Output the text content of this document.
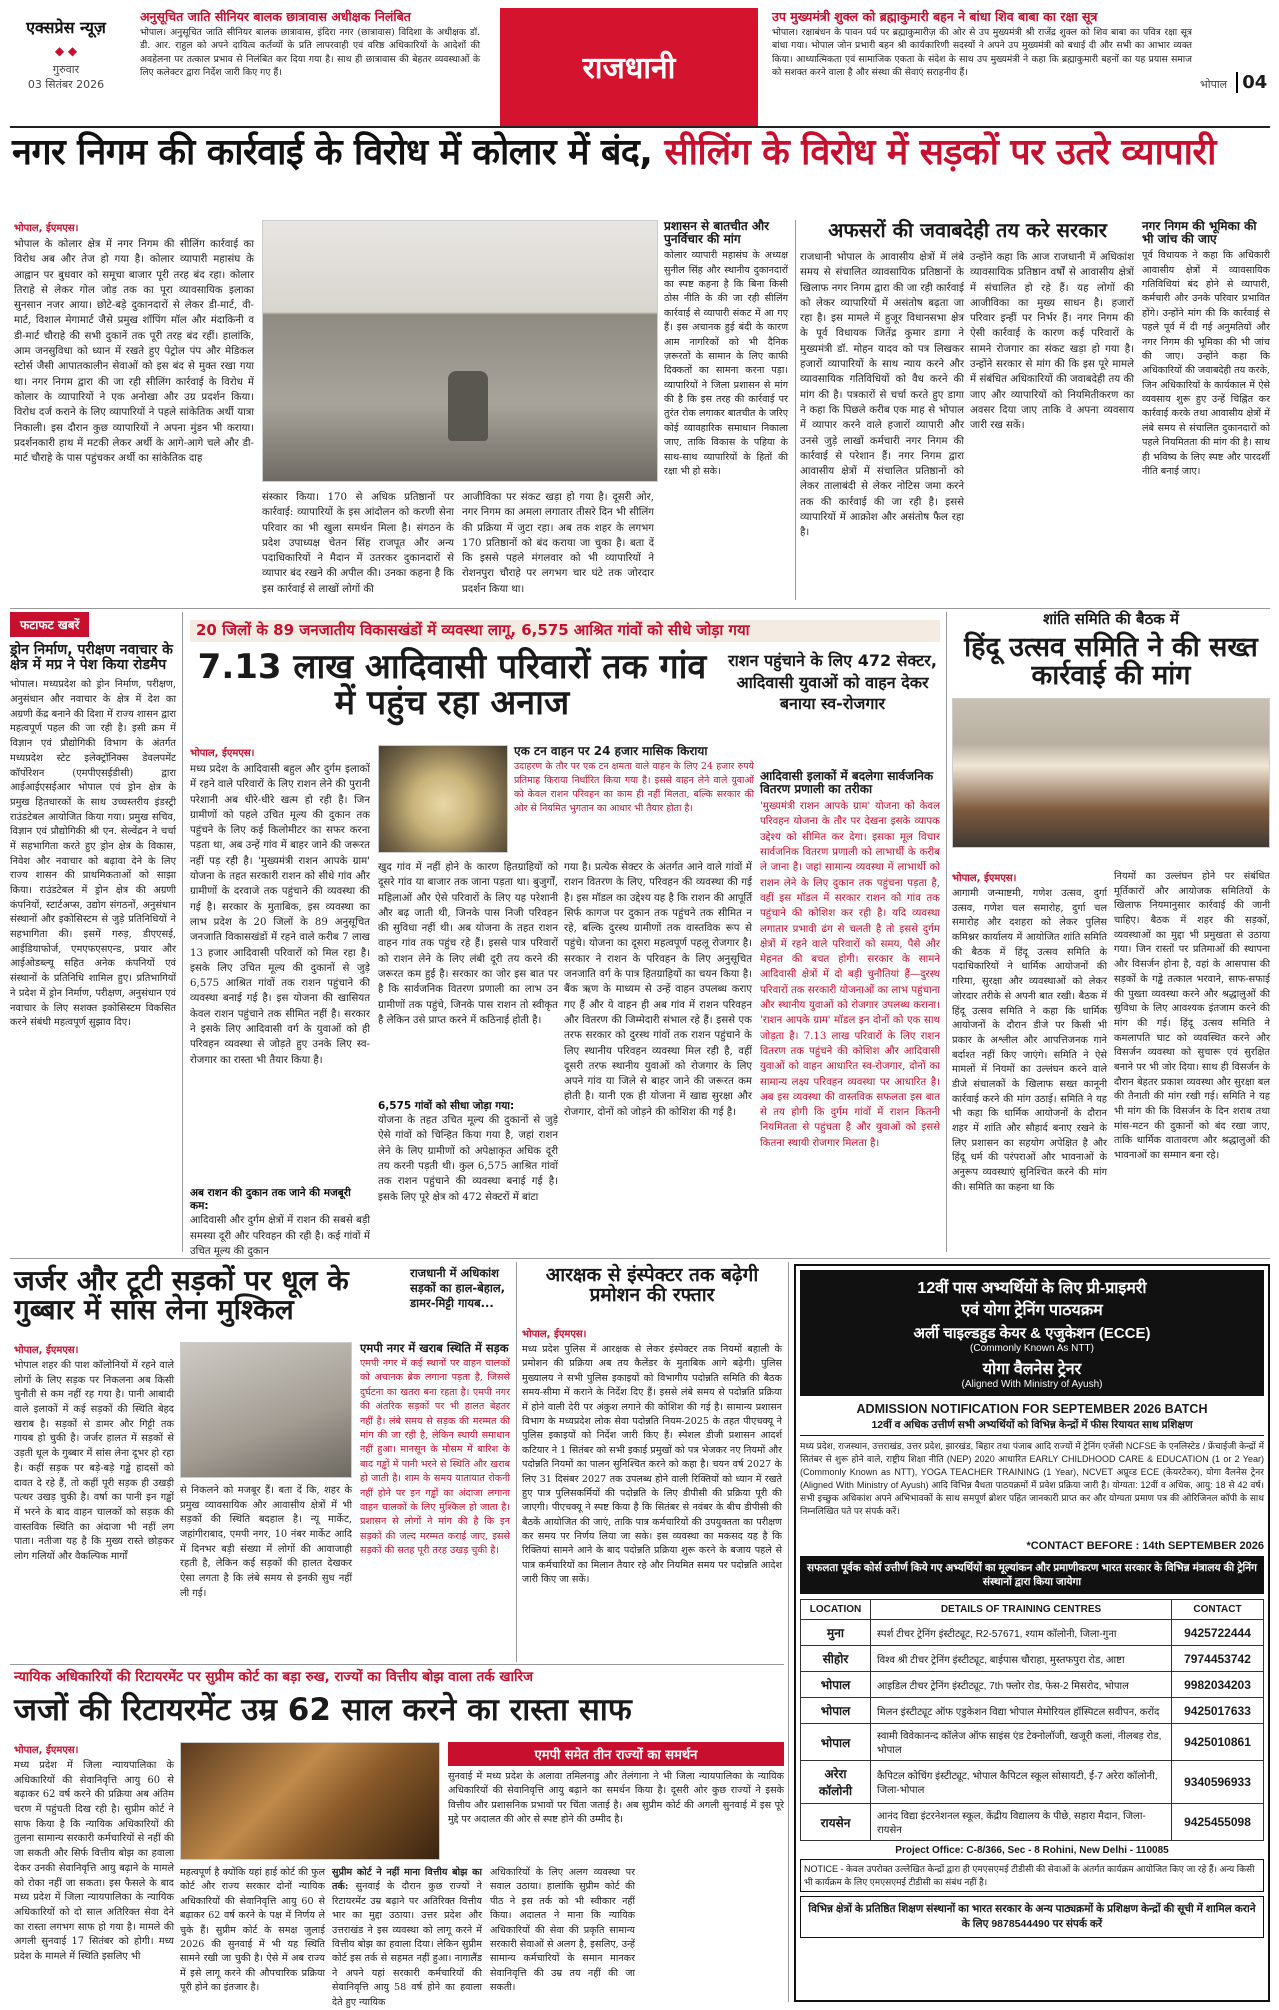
एक्सप्रेस न्यूज़
◆ ◆
गुरुवार
03 सितंबर 2026
अनुसूचित जाति सीनियर बालक छात्रावास अधीक्षक निलंबित
भोपाल। अनुसूचित जाति सीनियर बालक छात्रावास, इंदिरा नगर (छात्रावास) विदिशा के अधीक्षक डॉ. डी. आर. राहुल को अपने दायित्व कर्तव्यों के प्रति लापरवाही एवं वरिष्ठ अधिकारियों के आदेशों की अवहेलना पर तत्काल प्रभाव से निलंबित कर दिया गया है। साथ ही छात्रावास की बेहतर व्यवस्थाओं के लिए कलेक्टर द्वारा निर्देश जारी किए गए हैं।	राजधानी
उप मुख्यमंत्री शुक्ल को ब्रह्माकुमारी बहन ने बांधा शिव बाबा का रक्षा सूत्र
भोपाल। रक्षाबंधन के पावन पर्व पर ब्रह्माकुमारीज़ की ओर से उप मुख्यमंत्री श्री राजेंद्र शुक्ल को शिव बाबा का पवित्र रक्षा सूत्र बांधा गया। भोपाल जोन प्रभारी बहन श्री कार्यकारिणी सदस्यों ने अपने उप मुख्यमंत्री को बधाई दी और सभी का आभार व्यक्त किया। आध्यात्मिकता एवं सामाजिक एकता के संदेश के साथ उप मुख्यमंत्री ने कहा कि ब्रह्माकुमारी बहनों का यह प्रयास समाज को सशक्त करने वाला है और संस्था की सेवाएं सराहनीय हैं।
भोपाल 04
नगर निगम की कार्रवाई के विरोध में कोलार में बंद, सीलिंग के विरोध में सड़कों पर उतरे व्यापारी
भोपाल, ईएमएस।
भोपाल के कोलार क्षेत्र में नगर निगम की सीलिंग कार्रवाई का विरोध अब और तेज हो गया है। कोलार व्यापारी महासंघ के आह्वान पर बुधवार को समूचा बाजार पूरी तरह बंद रहा। कोलार तिराहे से लेकर गोल जोड़ तक का पूरा व्यावसायिक इलाका सुनसान नजर आया। छोटे-बड़े दुकानदारों से लेकर डी-मार्ट, वी-मार्ट, विशाल मेगामार्ट जैसे प्रमुख शॉपिंग मॉल और मंदाकिनी व डी-मार्ट चौराहे की सभी दुकानें तक पूरी तरह बंद रहीं। हालांकि, आम जनसुविधा को ध्यान में रखते हुए पेट्रोल पंप और मेडिकल स्टोर्स जैसी आपातकालीन सेवाओं को इस बंद से मुक्त रखा गया था। नगर निगम द्वारा की जा रही सीलिंग कार्रवाई के विरोध में कोलार के व्यापारियों ने एक अनोखा और उग्र प्रदर्शन किया। विरोध दर्ज कराने के लिए व्यापारियों ने पहले सांकेतिक अर्थी यात्रा निकाली। इस दौरान कुछ व्यापारियों ने अपना मुंडन भी कराया। प्रदर्शनकारी हाथ में मटकी लेकर अर्थी के आगे-आगे चले और डी-मार्ट चौराहे के पास पहुंचकर अर्थी का सांकेतिक दाह
संस्कार किया। 170 से अधिक प्रतिष्ठानों पर कार्रवाई: व्यापारियों के इस आंदोलन को करणी सेना परिवार का भी खुला समर्थन मिला है। संगठन के प्रदेश उपाध्यक्ष चेतन सिंह राजपूत और अन्य पदाधिकारियों ने मैदान में उतरकर दुकानदारों से व्यापार बंद रखने की अपील की। उनका कहना है कि इस कार्रवाई से लाखों लोगों की
आजीविका पर संकट खड़ा हो गया है। दूसरी ओर, नगर निगम का अमला लगातार तीसरे दिन भी सीलिंग की प्रक्रिया में जुटा रहा। अब तक शहर के लगभग 170 प्रतिष्ठानों को बंद कराया जा चुका है। बता दें कि इससे पहले मंगलवार को भी व्यापारियों ने रोशनपुरा चौराहे पर लगभग चार घंटे तक जोरदार प्रदर्शन किया था।
प्रशासन से बातचीत और पुनर्विचार की मांग
कोलार व्यापारी महासंघ के अध्यक्ष सुनील सिंह और स्थानीय दुकानदारों का स्पष्ट कहना है कि बिना किसी ठोस नीति के की जा रही सीलिंग कार्रवाई से व्यापारी संकट में आ गए हैं। इस अचानक हुई बंदी के कारण आम नागरिकों को भी दैनिक ज़रूरतों के सामान के लिए काफी दिक्कतों का सामना करना पड़ा। व्यापारियों ने जिला प्रशासन से मांग की है कि इस तरह की कार्रवाई पर तुरंत रोक लगाकर बातचीत के जरिए कोई व्यावहारिक समाधान निकाला जाए, ताकि विकास के पहिया के साथ-साथ व्यापारियों के हितों की रक्षा भी हो सके।
अफसरों की जवाबदेही तय करे सरकार
राजधानी भोपाल के आवासीय क्षेत्रों में लंबे समय से संचालित व्यावसायिक प्रतिष्ठानों के खिलाफ नगर निगम द्वारा की जा रही कार्रवाई को लेकर व्यापारियों में असंतोष बढ़ता जा रहा है। इस मामले में हुजूर विधानसभा क्षेत्र के पूर्व विधायक जितेंद्र कुमार डागा ने मुख्यमंत्री डॉ. मोहन यादव को पत्र लिखकर हजारों व्यापारियों के साथ न्याय करने और व्यावसायिक गतिविधियों को वैध करने की मांग की है। पत्रकारों से चर्चा करते हुए डागा ने कहा कि पिछले करीब एक माह से भोपाल में व्यापार करने वाले हजारों व्यापारी और उनसे जुड़े लाखों कर्मचारी नगर निगम की कार्रवाई से परेशान हैं। नगर निगम द्वारा आवासीय क्षेत्रों में संचालित प्रतिष्ठानों को लेकर तालाबंदी से लेकर नोटिस जमा करने तक की कार्रवाई की जा रही है। इससे व्यापारियों में आक्रोश और असंतोष फैल रहा है।
उन्होंने कहा कि आज राजधानी में अधिकांश व्यावसायिक प्रतिष्ठान वर्षों से आवासीय क्षेत्रों में संचालित हो रहे हैं। यह लोगों की आजीविका का मुख्य साधन है। हजारों परिवार इन्हीं पर निर्भर हैं। नगर निगम की ऐसी कार्रवाई के कारण कई परिवारों के सामने रोजगार का संकट खड़ा हो गया है। उन्होंने सरकार से मांग की कि इस पूरे मामले में संबंधित अधिकारियों की जवाबदेही तय की जाए और व्यापारियों को नियमितीकरण का अवसर दिया जाए ताकि वे अपना व्यवसाय जारी रख सकें।
नगर निगम की भूमिका की भी जांच की जाए
पूर्व विधायक ने कहा कि अधिकारी आवासीय क्षेत्रों में व्यावसायिक गतिविधियां बंद होने से व्यापारी, कर्मचारी और उनके परिवार प्रभावित होंगे। उन्होंने मांग की कि कार्रवाई से पहले पूर्व में दी गई अनुमतियों और नगर निगम की भूमिका की भी जांच की जाए। उन्होंने कहा कि अधिकारियों की जवाबदेही तय करके, जिन अधिकारियों के कार्यकाल में ऐसे व्यवसाय शुरू हुए उन्हें चिह्नित कर कार्रवाई करके तथा आवासीय क्षेत्रों में लंबे समय से संचालित दुकानदारों को पहले नियमितता की मांग की है। साथ ही भविष्य के लिए स्पष्ट और पारदर्शी नीति बनाई जाए।
फटाफट खबरें
ड्रोन निर्माण, परीक्षण नवाचार के क्षेत्र में मप्र ने पेश किया रोडमैप
भोपाल। मध्यप्रदेश को ड्रोन निर्माण, परीक्षण, अनुसंधान और नवाचार के क्षेत्र में देश का अग्रणी केंद्र बनाने की दिशा में राज्य शासन द्वारा महत्वपूर्ण पहल की जा रही है। इसी क्रम में विज्ञान एवं प्रौद्योगिकी विभाग के अंतर्गत मध्यप्रदेश स्टेट इलेक्ट्रॉनिक्स डेवलपमेंट कॉर्पोरेशन (एमपीएसईडीसी) द्वारा आईआईएसईआर भोपाल एवं ड्रोन क्षेत्र के प्रमुख हितधारकों के साथ उच्चस्तरीय इंडस्ट्री राउंडटेबल आयोजित किया गया। प्रमुख सचिव, विज्ञान एवं प्रौद्योगिकी श्री एन. सेल्वेंद्रन ने चर्चा में सहभागिता करते हुए ड्रोन क्षेत्र के विकास, निवेश और नवाचार को बढ़ावा देने के लिए राज्य शासन की प्राथमिकताओं को साझा किया। राउंडटेबल में ड्रोन क्षेत्र की अग्रणी कंपनियों, स्टार्टअप्स, उद्योग संगठनों, अनुसंधान संस्थानों और इकोसिस्टम से जुड़े प्रतिनिधियों ने सहभागिता की। इसमें गरुड़, डीएएसई, आईडियाफोर्ज, एमएफएसएन्ड, प्रयार और आईओडब्ल्यू सहित अनेक कंपनियों एवं संस्थानों के प्रतिनिधि शामिल हुए। प्रतिभागियों ने प्रदेश में ड्रोन निर्माण, परीक्षण, अनुसंधान एवं नवाचार के लिए सशक्त इकोसिस्टम विकसित करने संबंधी महत्वपूर्ण सुझाव दिए।
20 जिलों के 89 जनजातीय विकासखंडों में व्यवस्था लागू, 6,575 आश्रित गांवों को सीधे जोड़ा गया
7.13 लाख आदिवासी परिवारों तक गांव में पहुंच रहा अनाज
राशन पहुंचाने के लिए 472 सेक्टर, आदिवासी युवाओं को वाहन देकर बनाया स्व-रोजगार
भोपाल, ईएमएस।
मध्य प्रदेश के आदिवासी बहुल और दुर्गम इलाकों में रहने वाले परिवारों के लिए राशन लेने की पुरानी परेशानी अब धीरे-धीरे खत्म हो रही है। जिन ग्रामीणों को पहले उचित मूल्य की दुकान तक पहुंचने के लिए कई किलोमीटर का सफर करना पड़ता था, अब उन्हें गांव में बाहर जाने की जरूरत नहीं पड़ रही है। 'मुख्यमंत्री राशन आपके ग्राम' योजना के तहत सरकारी राशन को सीधे गांव और ग्रामीणों के दरवाजे तक पहुंचाने की व्यवस्था की गई है। सरकार के मुताबिक, इस व्यवस्था का लाभ प्रदेश के 20 जिलों के 89 अनुसूचित जनजाति विकासखंडों में रहने वाले करीब 7 लाख 13 हजार आदिवासी परिवारों को मिल रहा है। इसके लिए उचित मूल्य की दुकानों से जुड़े 6,575 आश्रित गांवों तक राशन पहुंचाने की व्यवस्था बनाई गई है। इस योजना की खासियत केवल राशन पहुंचाने तक सीमित नहीं है। सरकार ने इसके लिए आदिवासी वर्ग के युवाओं को ही परिवहन व्यवस्था से जोड़ते हुए उनके लिए स्व-रोजगार का रास्ता भी तैयार किया है।
अब राशन की दुकान तक जाने की मजबूरी कम:
आदिवासी और दुर्गम क्षेत्रों में राशन की सबसे बड़ी समस्या दूरी और परिवहन की रही है। कई गांवों में उचित मूल्य की दुकान
एक टन वाहन पर 24 हजार मासिक किराया
उदाहरण के तौर पर एक टन क्षमता वाले वाहन के लिए 24 हजार रुपये प्रतिमाह किराया निर्धारित किया गया है। इससे वाहन लेने वाले युवाओं को केवल राशन परिवहन का काम ही नहीं मिलता, बल्कि सरकार की ओर से नियमित भुगतान का आधार भी तैयार होता है।
खुद गांव में नहीं होने के कारण हितग्राहियों को दूसरे गांव या बाजार तक जाना पड़ता था। बुजुर्गों, महिलाओं और ऐसे परिवारों के लिए यह परेशानी और बढ़ जाती थी, जिनके पास निजी परिवहन की सुविधा नहीं थी। अब योजना के तहत राशन वाहन गांव तक पहुंच रहे हैं। इससे पात्र परिवारों को राशन लेने के लिए लंबी दूरी तय करने की जरूरत कम हुई है। सरकार का जोर इस बात पर है कि सार्वजनिक वितरण प्रणाली का लाभ उन ग्रामीणों तक पहुंचे, जिनके पास राशन तो स्वीकृत है लेकिन उसे प्राप्त करने में कठिनाई होती है।
6,575 गांवों को सीधा जोड़ा गया:
योजना के तहत उचित मूल्य की दुकानों से जुड़े ऐसे गांवों को चिन्हित किया गया है, जहां राशन लेने के लिए ग्रामीणों को अपेक्षाकृत अधिक दूरी तय करनी पड़ती थी। कुल 6,575 आश्रित गांवों तक राशन पहुंचाने की व्यवस्था बनाई गई है। इसके लिए पूरे क्षेत्र को 472 सेक्टरों में बांटा
गया है। प्रत्येक सेक्टर के अंतर्गत आने वाले गांवों में राशन वितरण के लिए, परिवहन की व्यवस्था की गई है। इस मॉडल का उद्देश्य यह है कि राशन की आपूर्ति सिर्फ कागज पर दुकान तक पहुंचने तक सीमित न रहे, बल्कि दुरस्थ ग्रामीणों तक वास्तविक रूप से पहुंचे। योजना का दूसरा महत्वपूर्ण पहलू रोजगार है। सरकार ने राशन के परिवहन के लिए अनुसूचित जनजाति वर्ग के पात्र हितग्राहियों का चयन किया है। बैंक ऋण के माध्यम से उन्हें वाहन उपलब्ध कराए गए हैं और ये वाहन ही अब गांव में राशन परिवहन और वितरण की जिम्मेदारी संभाल रहे हैं। इससे एक तरफ सरकार को दुरस्थ गांवों तक राशन पहुंचाने के लिए स्थानीय परिवहन व्यवस्था मिल रही है, वहीं दूसरी तरफ स्थानीय युवाओं को रोजगार के लिए अपने गांव या जिले से बाहर जाने की जरूरत कम होती है। यानी एक ही योजना में खाद्य सुरक्षा और रोजगार, दोनों को जोड़ने की कोशिश की गई है।
आदिवासी इलाकों में बदलेगा सार्वजनिक वितरण प्रणाली का तरीका
'मुख्यमंत्री राशन आपके ग्राम' योजना को केवल परिवहन योजना के तौर पर देखना इसके व्यापक उद्देश्य को सीमित कर देगा। इसका मूल विचार सार्वजनिक वितरण प्रणाली को लाभार्थी के करीब ले जाना है। जहां सामान्य व्यवस्था में लाभार्थी को राशन लेने के लिए दुकान तक पहुंचना पड़ता है, वहीं इस मॉडल में सरकार राशन को गांव तक पहुंचाने की कोशिश कर रही है। यदि व्यवस्था लगातार प्रभावी ढंग से चलती है तो इससे दुर्गम क्षेत्रों में रहने वाले परिवारों को समय, पैसे और मेहनत की बचत होगी। सरकार के सामने आदिवासी क्षेत्रों में दो बड़ी चुनौतियां हैं—दुरस्थ परिवारों तक सरकारी योजनाओं का लाभ पहुंचाना और स्थानीय युवाओं को रोजगार उपलब्ध कराना। 'राशन आपके ग्राम' मॉडल इन दोनों को एक साथ जोड़ता है। 7.13 लाख परिवारों के लिए राशन वितरण तक पहुंचने की कोशिश और आदिवासी युवाओं को वाहन आधारित स्व-रोजगार, दोनों का सामान्य लक्ष्य परिवहन व्यवस्था पर आधारित है। अब इस व्यवस्था की वास्तविक सफलता इस बात से तय होगी कि दुर्गम गांवों में राशन कितनी नियमितता से पहुंचता है और युवाओं को इससे कितना स्थायी रोजगार मिलता है।
शांति समिति की बैठक में
हिंदू उत्सव समिति ने की सख्त कार्रवाई की मांग
भोपाल, ईएमएस।
आगामी जन्माष्टमी, गणेश उत्सव, दुर्गा उत्सव, गणेश चल समारोह, दुर्गा चल समारोह और दशहरा को लेकर पुलिस कमिश्नर कार्यालय में आयोजित शांति समिति की बैठक में हिंदू उत्सव समिति के पदाधिकारियों ने धार्मिक आयोजनों की गरिमा, सुरक्षा और व्यवस्थाओं को लेकर जोरदार तरीके से अपनी बात रखी। बैठक में हिंदू उत्सव समिति ने कहा कि धार्मिक आयोजनों के दौरान डीजे पर किसी भी प्रकार के अश्लील और आपत्तिजनक गाने बर्दाश्त नहीं किए जाएंगे। समिति ने ऐसे मामलों में नियमों का उल्लंघन करने वाले डीजे संचालकों के खिलाफ सख्त कानूनी कार्रवाई करने की मांग उठाई। समिति ने यह भी कहा कि धार्मिक आयोजनों के दौरान शहर में शांति और सौहार्द बनाए रखने के लिए प्रशासन का सहयोग अपेक्षित है और हिंदू धर्म की परंपराओं और भावनाओं के अनुरूप व्यवस्थाएं सुनिश्चित करने की मांग की। समिति का कहना था कि
नियमों का उल्लंघन होने पर संबंधित मूर्तिकारों और आयोजक समितियों के खिलाफ नियमानुसार कार्रवाई की जानी चाहिए। बैठक में शहर की सड़कों, व्यवस्थाओं का मुद्दा भी प्रमुखता से उठाया गया। जिन रास्तों पर प्रतिमाओं की स्थापना और विसर्जन होना है, वहां के आसपास की सड़कों के गड्ढे तत्काल भरवाने, साफ-सफाई की पुख्ता व्यवस्था करने और श्रद्धालुओं की सुविधा के लिए आवश्यक इंतजाम करने की मांग की गई। हिंदू उत्सव समिति ने कमलापति घाट को व्यवस्थित करने और विसर्जन व्यवस्था को सुचारू एवं सुरक्षित बनाने पर भी जोर दिया। साथ ही विसर्जन के दौरान बेहतर प्रकाश व्यवस्था और सुरक्षा बल की तैनाती की मांग रखी गई। समिति ने यह भी मांग की कि विसर्जन के दिन शराब तथा मांस-मटन की दुकानों को बंद रखा जाए, ताकि धार्मिक वातावरण और श्रद्धालुओं की भावनाओं का सम्मान बना रहे।
जर्जर और टूटी सड़कों पर धूल के गुब्बार में सांस लेना मुश्किल
राजधानी में अधिकांश सड़कों का हाल-बेहाल, डामर-मिट्टी गायब...
भोपाल, ईएमएस।
भोपाल शहर की पाश कॉलोनियों में रहने वाले लोगों के लिए सड़क पर निकलना अब किसी चुनौती से कम नहीं रह गया है। पानी आबादी वाले इलाकों में कई सड़कों की स्थिति बेहद खराब है। सड़कों से डामर और गिट्टी तक गायब हो चुकी है। जर्जर हालत में सड़कों से उड़ती धूल के गुब्बार में सांस लेना दूभर हो रहा है। कहीं सड़क पर बड़े-बड़े गड्ढे हादसों को दावत दे रहे हैं, तो कहीं पूरी सड़क ही उखड़ी पत्थर उखड़ चुकी है। वर्षा का पानी इन गड्ढों में भरने के बाद वाहन चालकों को सड़क की वास्तविक स्थिति का अंदाजा भी नहीं लग पाता। नतीजा यह है कि मुख्य रास्ते छोड़कर लोग गलियों और वैकल्पिक मार्गों
से निकलने को मजबूर हैं। बता दें कि, शहर के प्रमुख व्यावसायिक और आवासीय क्षेत्रों में भी सड़कों की स्थिति बदहाल है। न्यू मार्केट, जहांगीराबाद, एमपी नगर, 10 नंबर मार्केट आदि में दिनभर बड़ी संख्या में लोगों की आवाजाही रहती है, लेकिन कई सड़कों की हालत देखकर ऐसा लगता है कि लंबे समय से इनकी सुध नहीं ली गई।
एमपी नगर में खराब स्थिति में सड़क
एमपी नगर में कई स्थानों पर वाहन चालकों को अचानक ब्रेक लगाना पड़ता है, जिससे दुर्घटना का खतरा बना रहता है। एमपी नगर की अंतरिक सड़कों पर भी हालत बेहतर नहीं है। लंबे समय से सड़क की मरम्मत की मांग की जा रही है, लेकिन स्थायी समाधान नहीं हुआ। मानसून के मौसम में बारिश के बाद गड्ढों में पानी भरने से स्थिति और खराब हो जाती है। शाम के समय यातायात रोकनी नहीं होने पर इन गड्ढों का अंदाजा लगाना वाहन चालकों के लिए मुश्किल हो जाता है। प्रशासन से लोगों ने मांग की है कि इन सड़कों की जल्द मरम्मत कराई जाए, इससे सड़कों की सतह पूरी तरह उखड़ चुकी है।
आरक्षक से इंस्पेक्टर तक बढ़ेगी प्रमोशन की रफ्तार
भोपाल, ईएमएस।
मध्य प्रदेश पुलिस में आरक्षक से लेकर इंस्पेक्टर तक नियमों बहाली के प्रमोशन की प्रक्रिया अब तय कैलेंडर के मुताबिक आगे बढ़ेगी। पुलिस मुख्यालय ने सभी पुलिस इकाइयों को विभागीय पदोन्नति समिति की बैठक समय-सीमा में कराने के निर्देश दिए हैं। इससे लंबे समय से पदोन्नति प्रक्रिया में होने वाली देरी पर अंकुश लगाने की कोशिश की गई है। सामान्य प्रशासन विभाग के मध्यप्रदेश लोक सेवा पदोन्नति नियम-2025 के तहत पीएचक्यू ने पुलिस इकाइयों को निर्देश जारी किए हैं। स्पेशल डीजी प्रशासन आदर्श कटियार ने 1 सितंबर को सभी इकाई प्रमुखों को पत्र भेजकर नए नियमों और पदोन्नति नियमों का पालन सुनिश्चित करने को कहा है। चयन वर्ष 2027 के लिए 31 दिसंबर 2027 तक उपलब्ध होने वाली रिक्तियों को ध्यान में रखते हुए पात्र पुलिसकर्मियों की पदोन्नति के लिए डीपीसी की प्रक्रिया पूरी की जाएगी। पीएचक्यू ने स्पष्ट किया है कि सितंबर से नवंबर के बीच डीपीसी की बैठकें आयोजित की जाएं, ताकि पात्र कर्मचारियों की उपयुक्तता का परीक्षण कर समय पर निर्णय लिया जा सके। इस व्यवस्था का मकसद यह है कि रिक्तियां सामने आने के बाद पदोन्नति प्रक्रिया शुरू करने के बजाय पहले से पात्र कर्मचारियों का मिलान तैयार रहे और नियमित समय पर पदोन्नति आदेश जारी किए जा सकें।
12वीं पास अभ्यर्थियों के लिए प्री-प्राइमरी
एवं योगा ट्रेनिंग पाठयक्रम
अर्ली चाइल्डहुड केयर & एजुकेशन (ECCE)
(Commonly Known As NTT)
योगा वैलनेस ट्रेनर
(Aligned With Ministry of Ayush)
ADMISSION NOTIFICATION FOR SEPTEMBER 2026 BATCH
12वीं व अधिक उत्तीर्ण सभी अभ्यर्थियों को विभिन्न केन्द्रों में फीस रियायत साथ प्रशिक्षण
मध्य प्रदेश, राजस्थान, उत्तराखंड, उत्तर प्रदेश, झारखंड, बिहार तथा पंजाब आदि राज्यों में ट्रेनिंग एजेंसी NCFSE के एनलिस्टेड / फ्रेंचाईजी केन्द्रों में सितंबर से शुरू होने वाले, राष्ट्रीय शिक्षा नीति (NEP) 2020 आधारित EARLY CHILDHOOD CARE & EDUCATION (1 or 2 Year) (Commonly Known as NTT), YOGA TEACHER TRAINING (1 Year), NCVET अप्रूव्ड ECE (केयरटेकर), योगा वैलनेस ट्रेनर (Aligned With Ministry of Ayush) आदि विभिन्न वैधता पाठयक्रमों में प्रवेश प्रक्रिया जारी है। योग्यता: 12वीं व अधिक, आयु: 18 से 42 वर्ष। सभी इच्छुक अधिकांश अपने अभिभावकों के साथ समपूर्ण ब्रोशर पहित जानकारी प्राप्त कर और योग्यता प्रमाण पत्र की ओरिजिनल कॉपी के साथ निम्नलिखित पते पर संपर्क करें।
*CONTACT BEFORE : 14th SEPTEMBER 2026
सफलता पूर्वक कोर्स उत्तीर्ण किये गए अभ्यर्थियों का मूल्यांकन और प्रमाणीकरण भारत सरकार के विभिन्न मंत्रालय की ट्रेनिंग संस्थानों द्वारा किया जायेगा
LOCATION	DETAILS OF TRAINING CENTRES	CONTACT
मुना	स्पर्श टीचर ट्रेनिंग इंस्टीट्यूट, R2-57671, श्याम कॉलोनी, जिला-गुना	9425722444
सीहोर	विश्व श्री टीचर ट्रेनिंग इंस्टीट्यूट, बाईपास चौराहा, मुस्तफपुरा रोड, आष्टा	7974453742
भोपाल	आइडिल टीचर ट्रेनिंग इंस्टीट्यूट, 7th फ्लोर रोड, फेस-2 मिसरोद, भोपाल	9982034203
भोपाल	मिलन इंस्टीट्यूट ऑफ एडुकेशन विद्या भोपाल मेमोरियल हॉस्पिटल सवीपन, करोंद	9425017633
भोपाल	स्वामी विवेकानन्द कॉलेज ऑफ साइंस एंड टेक्नोलॉजी, खजूरी कलां, नीलबड़ रोड, भोपाल	9425010861
अरेरा कॉलोनी	कैपिटल कोचिंग इंस्टीट्यूट, भोपाल कैपिटल स्कूल सोसायटी, ई-7 अरेरा कॉलोनी, जिला-भोपाल	9340596933
रायसेन	आनंद विद्या इंटरनेशनल स्कूल, केंद्रीय विद्यालय के पीछे, सहारा मैदान, जिला-रायसेन	9425455098
Project Office: C-8/366, Sec - 8 Rohini, New Delhi - 110085
NOTICE - केवल उपरोक्त उल्लेखित केन्द्रों द्वारा ही एमएसएमई टीडीसी की सेवाओं के अंतर्गत कार्यक्रम आयोजित किए जा रहे हैं। अन्य किसी भी कार्यक्रम के लिए एमएसएमई टीडीसी का संबंध नहीं है।
विभिन्न क्षेत्रों के प्रतिष्ठित शिक्षण संस्थानों का भारत सरकार के अन्य पाठ्यक्रमों के प्रशिक्षण केन्द्रों की सूची में शामिल कराने के लिए 9878544490 पर संपर्क करें
न्यायिक अधिकारियों की रिटायरमेंट पर सुप्रीम कोर्ट का बड़ा रुख, राज्यों का वित्तीय बोझ वाला तर्क खारिज
जजों की रिटायरमेंट उम्र 62 साल करने का रास्ता साफ
भोपाल, ईएमएस।
मध्य प्रदेश में जिला न्यायपालिका के अधिकारियों की सेवानिवृत्ति आयु 60 से बढ़ाकर 62 वर्ष करने की प्रक्रिया अब अंतिम चरण में पहुंचती दिख रही है। सुप्रीम कोर्ट ने साफ किया है कि न्यायिक अधिकारियों की तुलना सामान्य सरकारी कर्मचारियों से नहीं की जा सकती और सिर्फ वित्तीय बोझ का हवाला देकर उनकी सेवानिवृत्ति आयु बढ़ाने के मामले को रोका नहीं जा सकता। इस फैसले के बाद मध्य प्रदेश में जिला न्यायपालिका के न्यायिक अधिकारियों को दो साल अतिरिक्त सेवा देने का रास्ता लगभग साफ हो गया है। मामले की अगली सुनवाई 17 सितंबर को होगी। मध्य प्रदेश के मामले में स्थिति इसलिए भी
एमपी समेत तीन राज्यों का समर्थन
सुनवाई में मध्य प्रदेश के अलावा तमिलनाडु और तेलंगाना ने भी जिला न्यायपालिका के न्यायिक अधिकारियों की सेवानिवृत्ति आयु बढ़ाने का समर्थन किया है। दूसरी ओर कुछ राज्यों ने इसके वित्तीय और प्रशासनिक प्रभावों पर चिंता जताई है। अब सुप्रीम कोर्ट की अगली सुनवाई में इस पूरे मुद्दे पर अदालत की ओर से स्पष्ट होने की उम्मीद है।
महत्वपूर्ण है क्योंकि यहां हाई कोर्ट की फुल कोर्ट और राज्य सरकार दोनों न्यायिक अधिकारियों की सेवानिवृत्ति आयु 60 से बढ़ाकर 62 वर्ष करने के पक्ष में निर्णय ले चुके हैं। सुप्रीम कोर्ट के समक्ष जुलाई 2026 की सुनवाई में भी यह स्थिति सामने रखी जा चुकी है। ऐसे में अब राज्य में इसे लागू करने की औपचारिक प्रक्रिया पूरी होने का इंतजार है।
सुप्रीम कोर्ट ने नहीं माना वित्तीय बोझ का तर्क: सुनवाई के दौरान कुछ राज्यों ने रिटायरमेंट उम्र बढ़ाने पर अतिरिक्त वित्तीय भार का मुद्दा उठाया। उत्तर प्रदेश और उत्तराखंड ने इस व्यवस्था को लागू करने में वित्तीय बोझ का हवाला दिया। लेकिन सुप्रीम कोर्ट इस तर्क से सहमत नहीं हुआ। नागालैंड ने अपने यहां सरकारी कर्मचारियों की सेवानिवृत्ति आयु 58 वर्ष होने का हवाला देते हुए न्यायिक
अधिकारियों के लिए अलग व्यवस्था पर सवाल उठाया। हालांकि सुप्रीम कोर्ट की पीठ ने इस तर्क को भी स्वीकार नहीं किया। अदालत ने माना कि न्यायिक अधिकारियों की सेवा की प्रकृति सामान्य सरकारी सेवाओं से अलग है, इसलिए, उन्हें सामान्य कर्मचारियों के समान मानकर सेवानिवृत्ति की उम्र तय नहीं की जा सकती।
